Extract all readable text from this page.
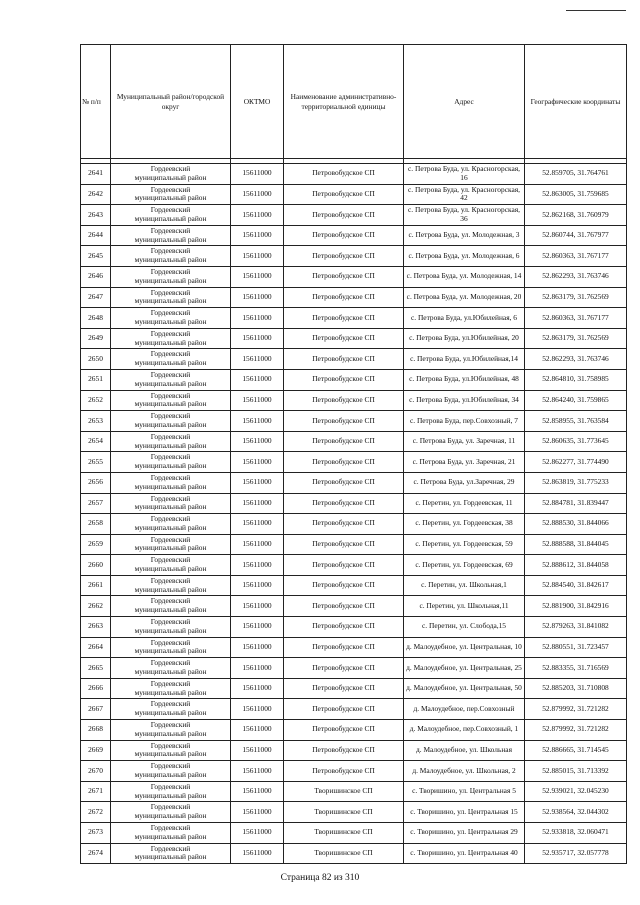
№ п/п	Муниципальный район/городской округ	ОКТМО	Наименование административно-территориальной единицы	Адрес	Географические координаты

2641	Гордеевский
муниципальный район	15611000	Петровобудское СП	с. Петрова Буда, ул. Красногорская, 16	52.859705, 31.764761
2642	Гордеевский
муниципальный район	15611000	Петровобудское СП	с. Петрова Буда, ул. Красногорская, 42	52.863005, 31.759685
2643	Гордеевский
муниципальный район	15611000	Петровобудское СП	с. Петрова Буда, ул. Красногорская, 36	52.862168, 31.760979
2644	Гордеевский
муниципальный район	15611000	Петровобудское СП	с. Петрова Буда, ул. Молодежная, 3	52.860744, 31.767977
2645	Гордеевский
муниципальный район	15611000	Петровобудское СП	с. Петрова Буда, ул. Молодежная, 6	52.860363, 31.767177
2646	Гордеевский
муниципальный район	15611000	Петровобудское СП	с. Петрова Буда, ул. Молодежная, 14	52.862293, 31.763746
2647	Гордеевский
муниципальный район	15611000	Петровобудское СП	с. Петрова Буда, ул. Молодежная, 20	52.863179, 31.762569
2648	Гордеевский
муниципальный район	15611000	Петровобудское СП	с. Петрова Буда, ул.Юбилейная, 6	52.860363, 31.767177
2649	Гордеевский
муниципальный район	15611000	Петровобудское СП	с. Петрова Буда, ул.Юбилейная, 20	52.863179, 31.762569
2650	Гордеевский
муниципальный район	15611000	Петровобудское СП	с. Петрова Буда, ул.Юбилейная,14	52.862293, 31.763746
2651	Гордеевский
муниципальный район	15611000	Петровобудское СП	с. Петрова Буда, ул.Юбилейная, 48	52.864810, 31.758985
2652	Гордеевский
муниципальный район	15611000	Петровобудское СП	с. Петрова Буда, ул.Юбилейная, 34	52.864240, 31.759865
2653	Гордеевский
муниципальный район	15611000	Петровобудское СП	с. Петрова Буда, пер.Совхозный, 7	52.858955, 31.763584
2654	Гордеевский
муниципальный район	15611000	Петровобудское СП	с. Петрова Буда, ул. Заречная, 11	52.860635, 31.773645
2655	Гордеевский
муниципальный район	15611000	Петровобудское СП	с. Петрова Буда, ул. Заречная, 21	52.862277, 31.774490
2656	Гордеевский
муниципальный район	15611000	Петровобудское СП	с. Петрова Буда, ул.Заречная, 29	52.863819, 31.775233
2657	Гордеевский
муниципальный район	15611000	Петровобудское СП	с. Перетин, ул. Гордеевская, 11	52.884781, 31.839447
2658	Гордеевский
муниципальный район	15611000	Петровобудское СП	с. Перетин, ул. Гордеевская, 38	52.888530, 31.844066
2659	Гордеевский
муниципальный район	15611000	Петровобудское СП	с. Перетин, ул. Гордеевская, 59	52.888588, 31.844045
2660	Гордеевский
муниципальный район	15611000	Петровобудское СП	с. Перетин, ул. Гордеевская, 69	52.888612, 31.844058
2661	Гордеевский
муниципальный район	15611000	Петровобудское СП	с. Перетин, ул. Школьная,1	52.884540, 31.842617
2662	Гордеевский
муниципальный район	15611000	Петровобудское СП	с. Перетин, ул. Школьная,11	52.881900, 31.842916
2663	Гордеевский
муниципальный район	15611000	Петровобудское СП	с. Перетин, ул. Слобода,15	52.879263, 31.841082
2664	Гордеевский
муниципальный район	15611000	Петровобудское СП	д. Малоудебное, ул. Центральная, 10	52.880551, 31.723457
2665	Гордеевский
муниципальный район	15611000	Петровобудское СП	д. Малоудебное, ул. Центральная, 25	52.883355, 31.716569
2666	Гордеевский
муниципальный район	15611000	Петровобудское СП	д. Малоудебное, ул. Центральная, 50	52.885203, 31.710808
2667	Гордеевский
муниципальный район	15611000	Петровобудское СП	д. Малоудебное, пер.Совхозный	52.879992, 31.721282
2668	Гордеевский
муниципальный район	15611000	Петровобудское СП	д. Малоудебное, пер.Совхозный, 1	52.879992, 31.721282
2669	Гордеевский
муниципальный район	15611000	Петровобудское СП	д. Малоудебное, ул. Школьная	52.886665, 31.714545
2670	Гордеевский
муниципальный район	15611000	Петровобудское СП	д. Малоудебное, ул. Школьная, 2	52.885015, 31.713392
2671	Гордеевский
муниципальный район	15611000	Творишинское СП	с. Творишино, ул. Центральная 5	52.939021, 32.045230
2672	Гордеевский
муниципальный район	15611000	Творишинское СП	с. Творишино, ул. Центральная 15	52.938564, 32.044302
2673	Гордеевский
муниципальный район	15611000	Творишинское СП	с. Творишино, ул. Центральная 29	52.933818, 32.060471
2674	Гордеевский
муниципальный район	15611000	Творишинское СП	с. Творишино, ул. Центральная 40	52.935717, 32.057778
Страница 82 из 310
